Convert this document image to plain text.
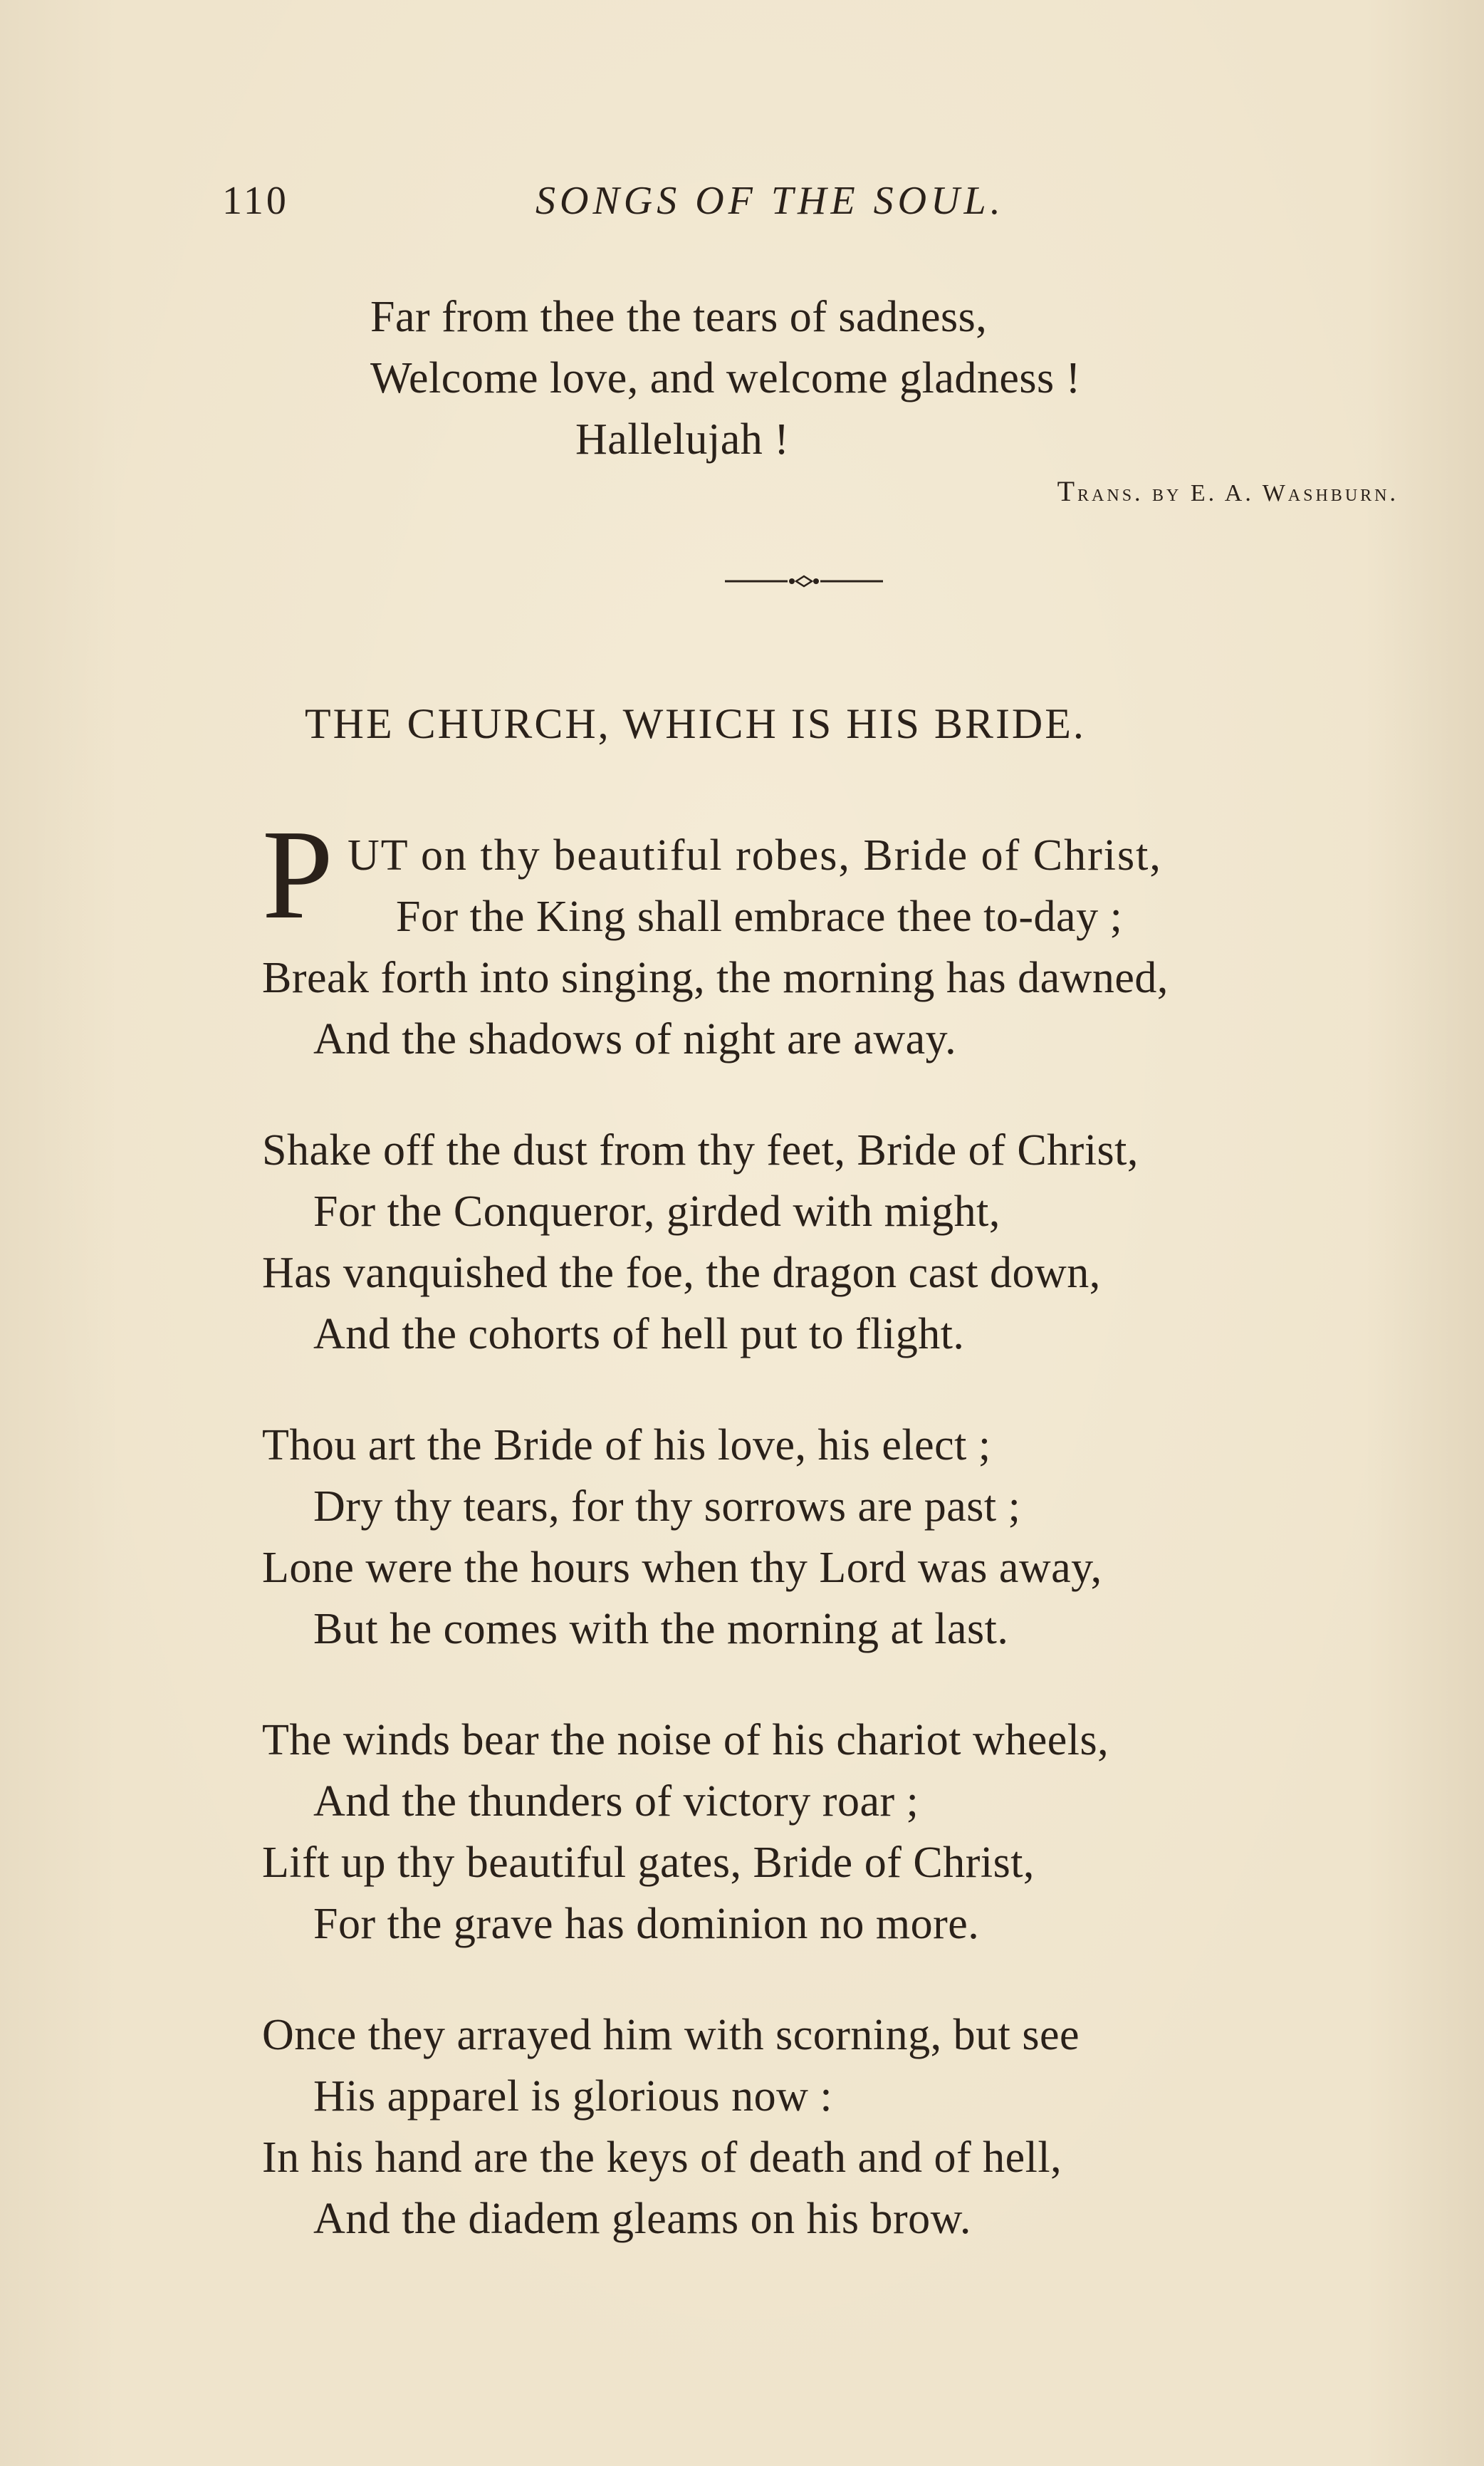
110	SONGS OF THE SOUL.
Far from thee the tears of sadness,
Welcome love, and welcome gladness !
Hallelujah !
Trans. by E. A. Washburn.
THE CHURCH, WHICH IS HIS BRIDE.
P UT on thy beautiful robes, Bride of Christ,
For the King shall embrace thee to-day ;
Break forth into singing, the morning has dawned,
And the shadows of night are away.
Shake off the dust from thy feet, Bride of Christ,
For the Conqueror, girded with might,
Has vanquished the foe, the dragon cast down,
And the cohorts of hell put to flight.
Thou art the Bride of his love, his elect ;
Dry thy tears, for thy sorrows are past ;
Lone were the hours when thy Lord was away,
But he comes with the morning at last.
The winds bear the noise of his chariot wheels,
And the thunders of victory roar ;
Lift up thy beautiful gates, Bride of Christ,
For the grave has dominion no more.
Once they arrayed him with scorning, but see
His apparel is glorious now :
In his hand are the keys of death and of hell,
And the diadem gleams on his brow.
